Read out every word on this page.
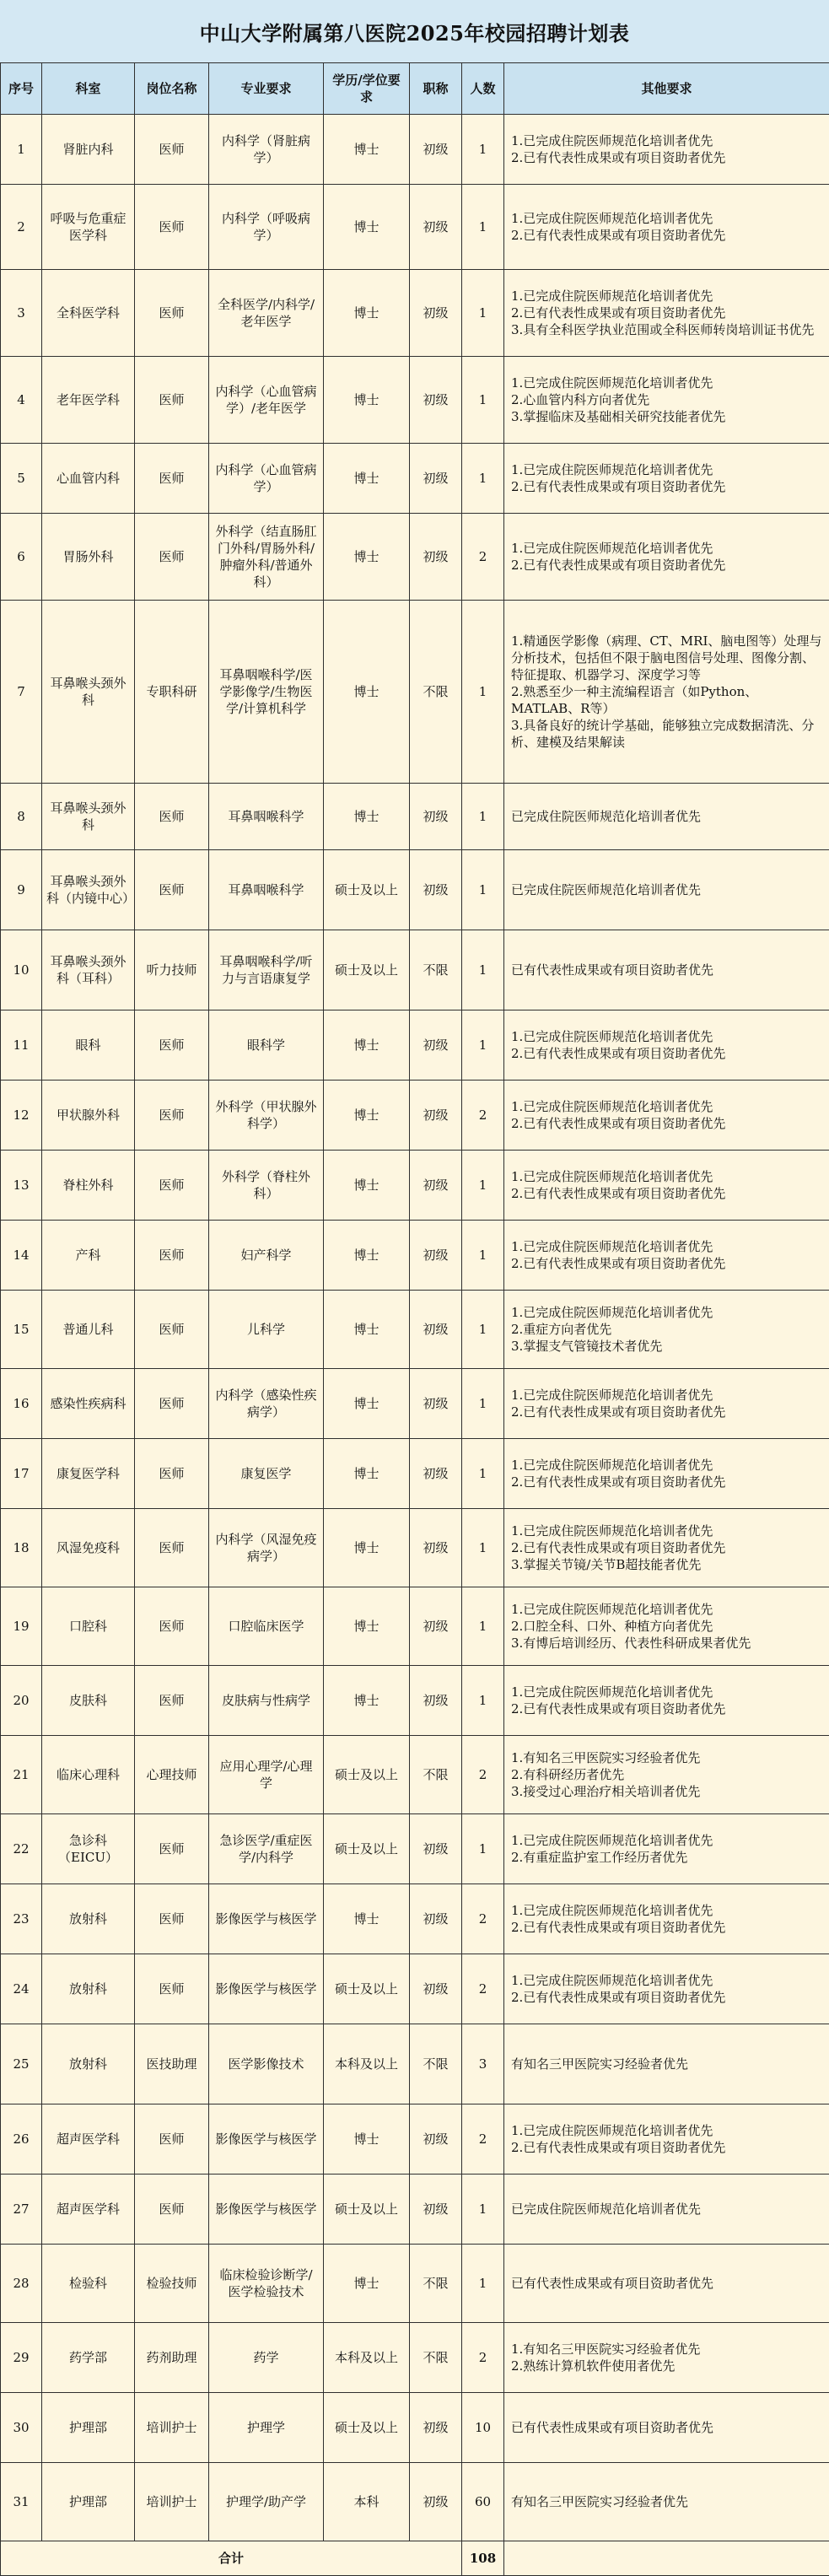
中山大学附属第八医院2025年校园招聘计划表
序号	科室	岗位名称	专业要求	学历/学位要求	职称	人数	其他要求
1	肾脏内科	医师	内科学（肾脏病学）	博士	初级	1	1.已完成住院医师规范化培训者优先
2.已有代表性成果或有项目资助者优先

2	呼吸与危重症医学科	医师	内科学（呼吸病学）	博士	初级	1	1.已完成住院医师规范化培训者优先
2.已有代表性成果或有项目资助者优先

3	全科医学科	医师	全科医学/内科学/老年医学	博士	初级	1	1.已完成住院医师规范化培训者优先
2.已有代表性成果或有项目资助者优先
3.具有全科医学执业范围或全科医师转岗培训证书优先

4	老年医学科	医师	内科学（心血管病学）/老年医学	博士	初级	1	1.已完成住院医师规范化培训者优先
2.心血管内科方向者优先
3.掌握临床及基础相关研究技能者优先

5	心血管内科	医师	内科学（心血管病学）	博士	初级	1	1.已完成住院医师规范化培训者优先
2.已有代表性成果或有项目资助者优先

6	胃肠外科	医师	外科学（结直肠肛门外科/胃肠外科/肿瘤外科/普通外科）	博士	初级	2	1.已完成住院医师规范化培训者优先
2.已有代表性成果或有项目资助者优先

7	耳鼻喉头颈外科	专职科研	耳鼻咽喉科学/医学影像学/生物医学/计算机科学	博士	不限	1	1.精通医学影像（病理、CT、MRI、脑电图等）处理与分析技术，包括但不限于脑电图信号处理、图像分割、特征提取、机器学习、深度学习等
2.熟悉至少一种主流编程语言（如Python、MATLAB、R等）
3.具备良好的统计学基础，能够独立完成数据清洗、分析、建模及结果解读

8	耳鼻喉头颈外科	医师	耳鼻咽喉科学	博士	初级	1	已完成住院医师规范化培训者优先

9	耳鼻喉头颈外科（内镜中心）	医师	耳鼻咽喉科学	硕士及以上	初级	1	已完成住院医师规范化培训者优先

10	耳鼻喉头颈外科（耳科）	听力技师	耳鼻咽喉科学/听力与言语康复学	硕士及以上	不限	1	已有代表性成果或有项目资助者优先

11	眼科	医师	眼科学	博士	初级	1	1.已完成住院医师规范化培训者优先
2.已有代表性成果或有项目资助者优先

12	甲状腺外科	医师	外科学（甲状腺外科学）	博士	初级	2	1.已完成住院医师规范化培训者优先
2.已有代表性成果或有项目资助者优先

13	脊柱外科	医师	外科学（脊柱外科）	博士	初级	1	1.已完成住院医师规范化培训者优先
2.已有代表性成果或有项目资助者优先

14	产科	医师	妇产科学	博士	初级	1	1.已完成住院医师规范化培训者优先
2.已有代表性成果或有项目资助者优先

15	普通儿科	医师	儿科学	博士	初级	1	1.已完成住院医师规范化培训者优先
2.重症方向者优先
3.掌握支气管镜技术者优先

16	感染性疾病科	医师	内科学（感染性疾病学）	博士	初级	1	1.已完成住院医师规范化培训者优先
2.已有代表性成果或有项目资助者优先

17	康复医学科	医师	康复医学	博士	初级	1	1.已完成住院医师规范化培训者优先
2.已有代表性成果或有项目资助者优先

18	风湿免疫科	医师	内科学（风湿免疫病学）	博士	初级	1	1.已完成住院医师规范化培训者优先
2.已有代表性成果或有项目资助者优先
3.掌握关节镜/关节B超技能者优先

19	口腔科	医师	口腔临床医学	博士	初级	1	1.已完成住院医师规范化培训者优先
2.口腔全科、口外、种植方向者优先
3.有博后培训经历、代表性科研成果者优先

20	皮肤科	医师	皮肤病与性病学	博士	初级	1	1.已完成住院医师规范化培训者优先
2.已有代表性成果或有项目资助者优先

21	临床心理科	心理技师	应用心理学/心理学	硕士及以上	不限	2	1.有知名三甲医院实习经验者优先
2.有科研经历者优先
3.接受过心理治疗相关培训者优先

22	急诊科（EICU）	医师	急诊医学/重症医学/内科学	硕士及以上	初级	1	1.已完成住院医师规范化培训者优先
2.有重症监护室工作经历者优先

23	放射科	医师	影像医学与核医学	博士	初级	2	1.已完成住院医师规范化培训者优先
2.已有代表性成果或有项目资助者优先

24	放射科	医师	影像医学与核医学	硕士及以上	初级	2	1.已完成住院医师规范化培训者优先
2.已有代表性成果或有项目资助者优先

25	放射科	医技助理	医学影像技术	本科及以上	不限	3	有知名三甲医院实习经验者优先

26	超声医学科	医师	影像医学与核医学	博士	初级	2	1.已完成住院医师规范化培训者优先
2.已有代表性成果或有项目资助者优先

27	超声医学科	医师	影像医学与核医学	硕士及以上	初级	1	已完成住院医师规范化培训者优先

28	检验科	检验技师	临床检验诊断学/医学检验技术	博士	不限	1	已有代表性成果或有项目资助者优先

29	药学部	药剂助理	药学	本科及以上	不限	2	1.有知名三甲医院实习经验者优先
2.熟练计算机软件使用者优先

30	护理部	培训护士	护理学	硕士及以上	初级	10	已有代表性成果或有项目资助者优先

31	护理部	培训护士	护理学/助产学	本科	初级	60	有知名三甲医院实习经验者优先

合计						108	
